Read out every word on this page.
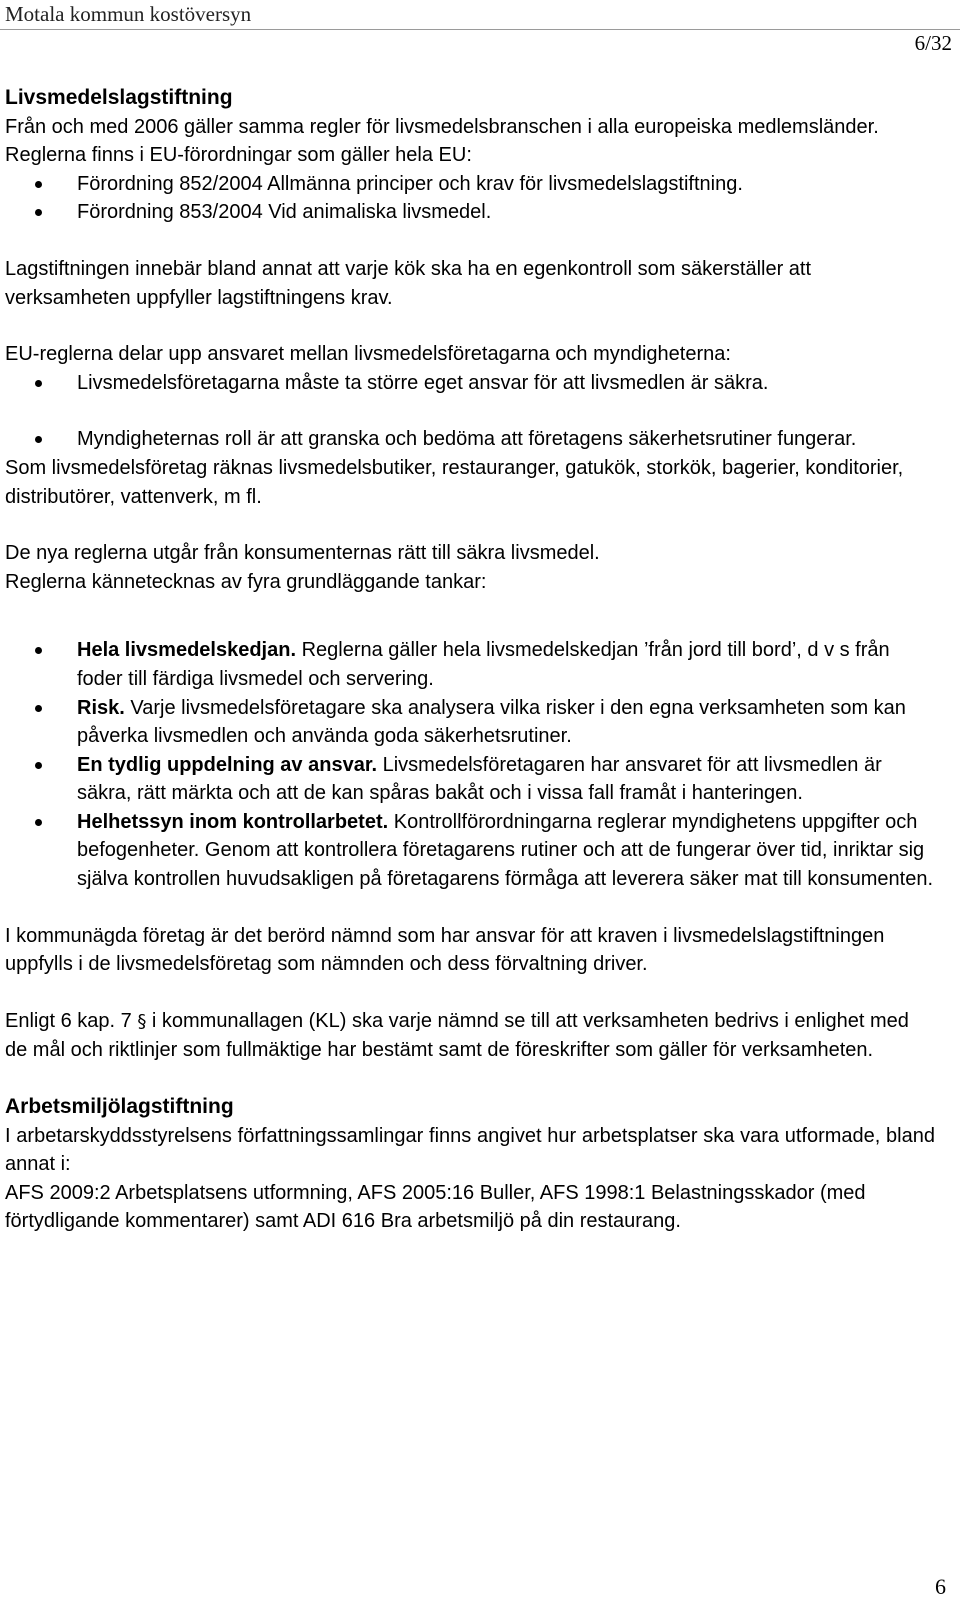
Motala kommun kostöversyn
6/32
Livsmedelslagstiftning

Från och med 2006 gäller samma regler för livsmedelsbranschen i alla europeiska medlemsländer.

Reglerna finns i EU-förordningar som gäller hela EU:

Förordning 852/2004 Allmänna principer och krav för livsmedelslagstiftning.
Förordning 853/2004 Vid animaliska livsmedel.

Lagstiftningen innebär bland annat att varje kök ska ha en egenkontroll som säkerställer att verksamheten uppfyller lagstiftningens krav.

EU-reglerna delar upp ansvaret mellan livsmedelsföretagarna och myndigheterna:

Livsmedelsföretagarna måste ta större eget ansvar för att livsmedlen är säkra.
Myndigheternas roll är att granska och bedöma att företagens säkerhetsrutiner fungerar.

Som livsmedelsföretag räknas livsmedelsbutiker, restauranger, gatukök, storkök, bagerier, konditorier, distributörer, vattenverk, m fl.

De nya reglerna utgår från konsumenternas rätt till säkra livsmedel.

Reglerna kännetecknas av fyra grundläggande tankar:

Hela livsmedelskedjan. Reglerna gäller hela livsmedelskedjan ’från jord till bord’, d v s från foder till färdiga livsmedel och servering.
Risk. Varje livsmedelsföretagare ska analysera vilka risker i den egna verksamheten som kan påverka livsmedlen och använda goda säkerhetsrutiner.
En tydlig uppdelning av ansvar. Livsmedelsföretagaren har ansvaret för att livsmedlen är säkra, rätt märkta och att de kan spåras bakåt och i vissa fall framåt i hanteringen.
Helhetssyn inom kontrollarbetet. Kontrollförordningarna reglerar myndighetens uppgifter och befogenheter. Genom att kontrollera företagarens rutiner och att de fungerar över tid, inriktar sig själva kontrollen huvudsakligen på företagarens förmåga att leverera säker mat till konsumenten.

I kommunägda företag är det berörd nämnd som har ansvar för att kraven i livsmedelslagstiftningen uppfylls i de livsmedelsföretag som nämnden och dess förvaltning driver.

Enligt 6 kap. 7 § i kommunallagen (KL) ska varje nämnd se till att verksamheten bedrivs i enlighet med de mål och riktlinjer som fullmäktige har bestämt samt de föreskrifter som gäller för verksamheten.

Arbetsmiljölagstiftning

I arbetarskyddsstyrelsens författningssamlingar finns angivet hur arbetsplatser ska vara utformade, bland annat i:

AFS 2009:2 Arbetsplatsens utformning, AFS 2005:16 Buller, AFS 1998:1 Belastningsskador (med förtydligande kommentarer) samt ADI 616 Bra arbetsmiljö på din restaurang.

6
